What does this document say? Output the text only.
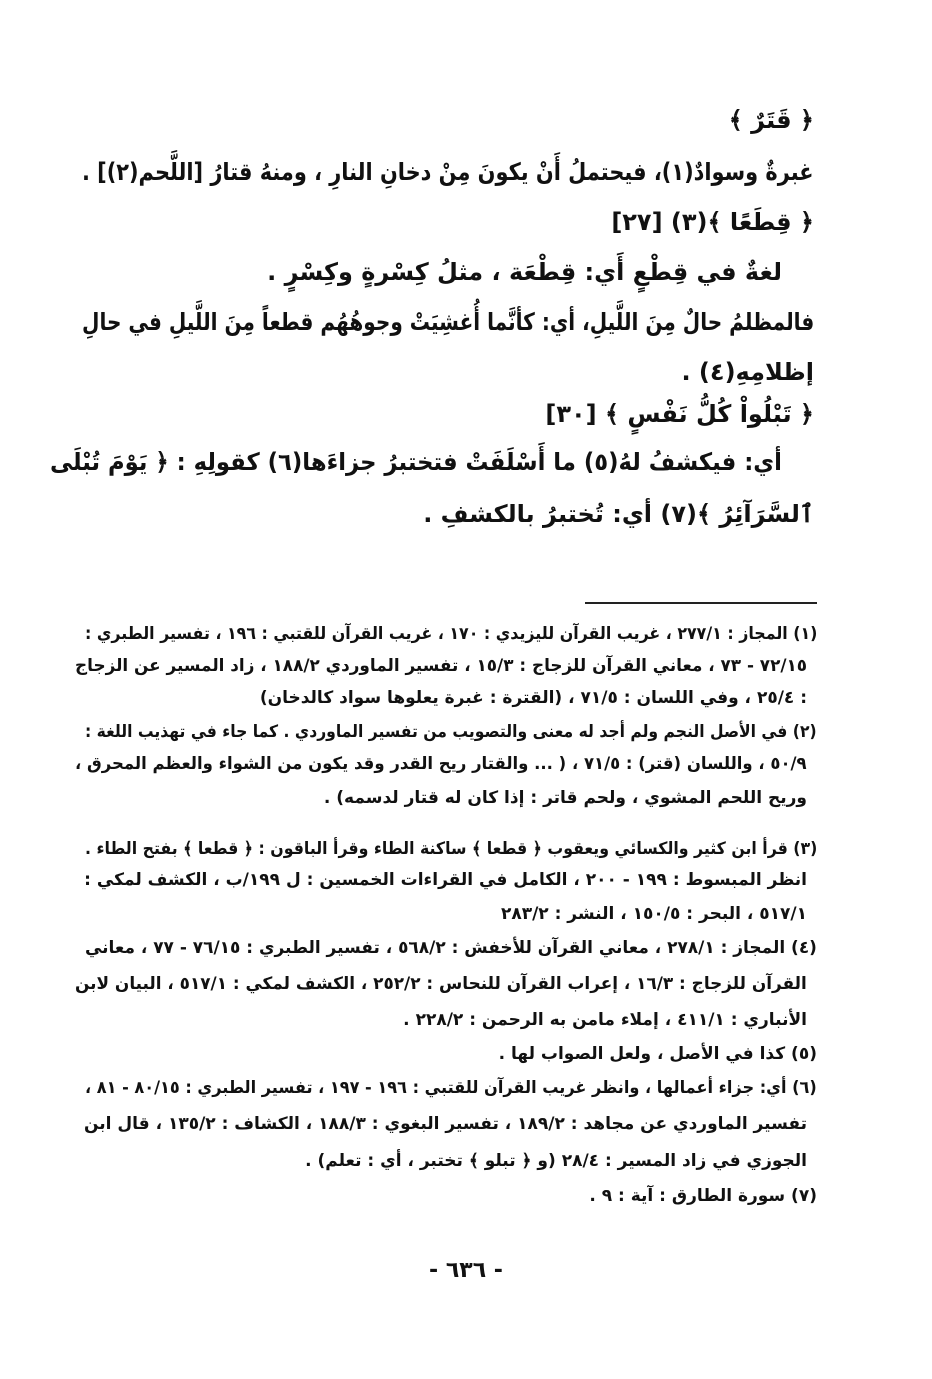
﴿ قَتَرٌ ﴾
غبرةٌ وسوادٌ(١)، فيحتملُ أَنْ يكونَ مِنْ دخانِ النارِ ، ومنهُ قتارُ [اللَّحم(٢)] .
﴿ قِطَعًا ﴾(٣) [٢٧]
لغةٌ في قِطْعٍ أَي: قِطْعَة ، مثلُ كِسْرةٍ وكِسْرٍ .
فالمظلمُ حالٌ مِنَ اللَّيلِ، أي: كأنَّما أُغشِيَتْ وجوهُهُم قطعاً مِنَ اللَّيلِ في حالِ
إظلامِهِ(٤) .
﴿ تَبْلُواْ كُلُّ نَفْسٍ ﴾ [٣٠]
أي: فيكشفُ لهُ(٥) ما أَسْلَفَتْ فتختبرُ جزاءَها(٦) كقولِهِ : ﴿ يَوْمَ تُبْلَى
ٱلسَّرَآئِرُ ﴾(٧) أي: تُختبرُ بالكشفِ .
(١) المجاز : ٢٧٧/١ ، غريب القرآن لليزيدي : ١٧٠ ، غريب القرآن للقتبي : ١٩٦ ، تفسير الطبري :
٧٢/١٥ - ٧٣ ، معاني القرآن للزجاج : ١٥/٣ ، تفسير الماوردي ١٨٨/٢ ، زاد المسير عن الزجاج
: ٢٥/٤ ، وفي اللسان : ٧١/٥ ، (القترة : غبرة يعلوها سواد كالدخان)
(٢) في الأصل النجم ولم أجد له معنى والتصويب من تفسير الماوردي . كما جاء في تهذيب اللغة :
٥٠/٩ ، واللسان (قتر) : ٧١/٥ ، ( ... والقتار ريح القدر وقد يكون من الشواء والعظم المحرق ،
وريح اللحم المشوي ، ولحم قاتر : إذا كان له قتار لدسمه) .
(٣) قرأ ابن كثير والكسائي ويعقوب ﴿ قطعا ﴾ ساكنة الطاء وقرأ الباقون : ﴿ قطعا ﴾ بفتح الطاء .
انظر المبسوط : ١٩٩ - ٢٠٠ ، الكامل في القراءات الخمسين : ل ١٩٩/ب ، الكشف لمكي :
٥١٧/١ ، البحر : ١٥٠/٥ ، النشر : ٢٨٣/٢
(٤) المجاز : ٢٧٨/١ ، معاني القرآن للأخفش : ٥٦٨/٢ ، تفسير الطبري : ٧٦/١٥ - ٧٧ ، معاني
القرآن للزجاج : ١٦/٣ ، إعراب القرآن للنحاس : ٢٥٢/٢ ، الكشف لمكي : ٥١٧/١ ، البيان لابن
الأنباري : ٤١١/١ ، إملاء مامن به الرحمن : ٢٢٨/٢ .
(٥) كذا في الأصل ، ولعل الصواب لها .
(٦) أي: جزاء أعمالها ، وانظر غريب القرآن للقتبي : ١٩٦ - ١٩٧ ، تفسير الطبري : ٨٠/١٥ - ٨١ ،
تفسير الماوردي عن مجاهد : ١٨٩/٢ ، تفسير البغوي : ١٨٨/٣ ، الكشاف : ١٣٥/٢ ، قال ابن
الجوزي في زاد المسير : ٢٨/٤ (و ﴿ تبلو ﴾ تختبر ، أي : تعلم) .
(٧) سورة الطارق : آية : ٩ .
- ٦٣٦ -
